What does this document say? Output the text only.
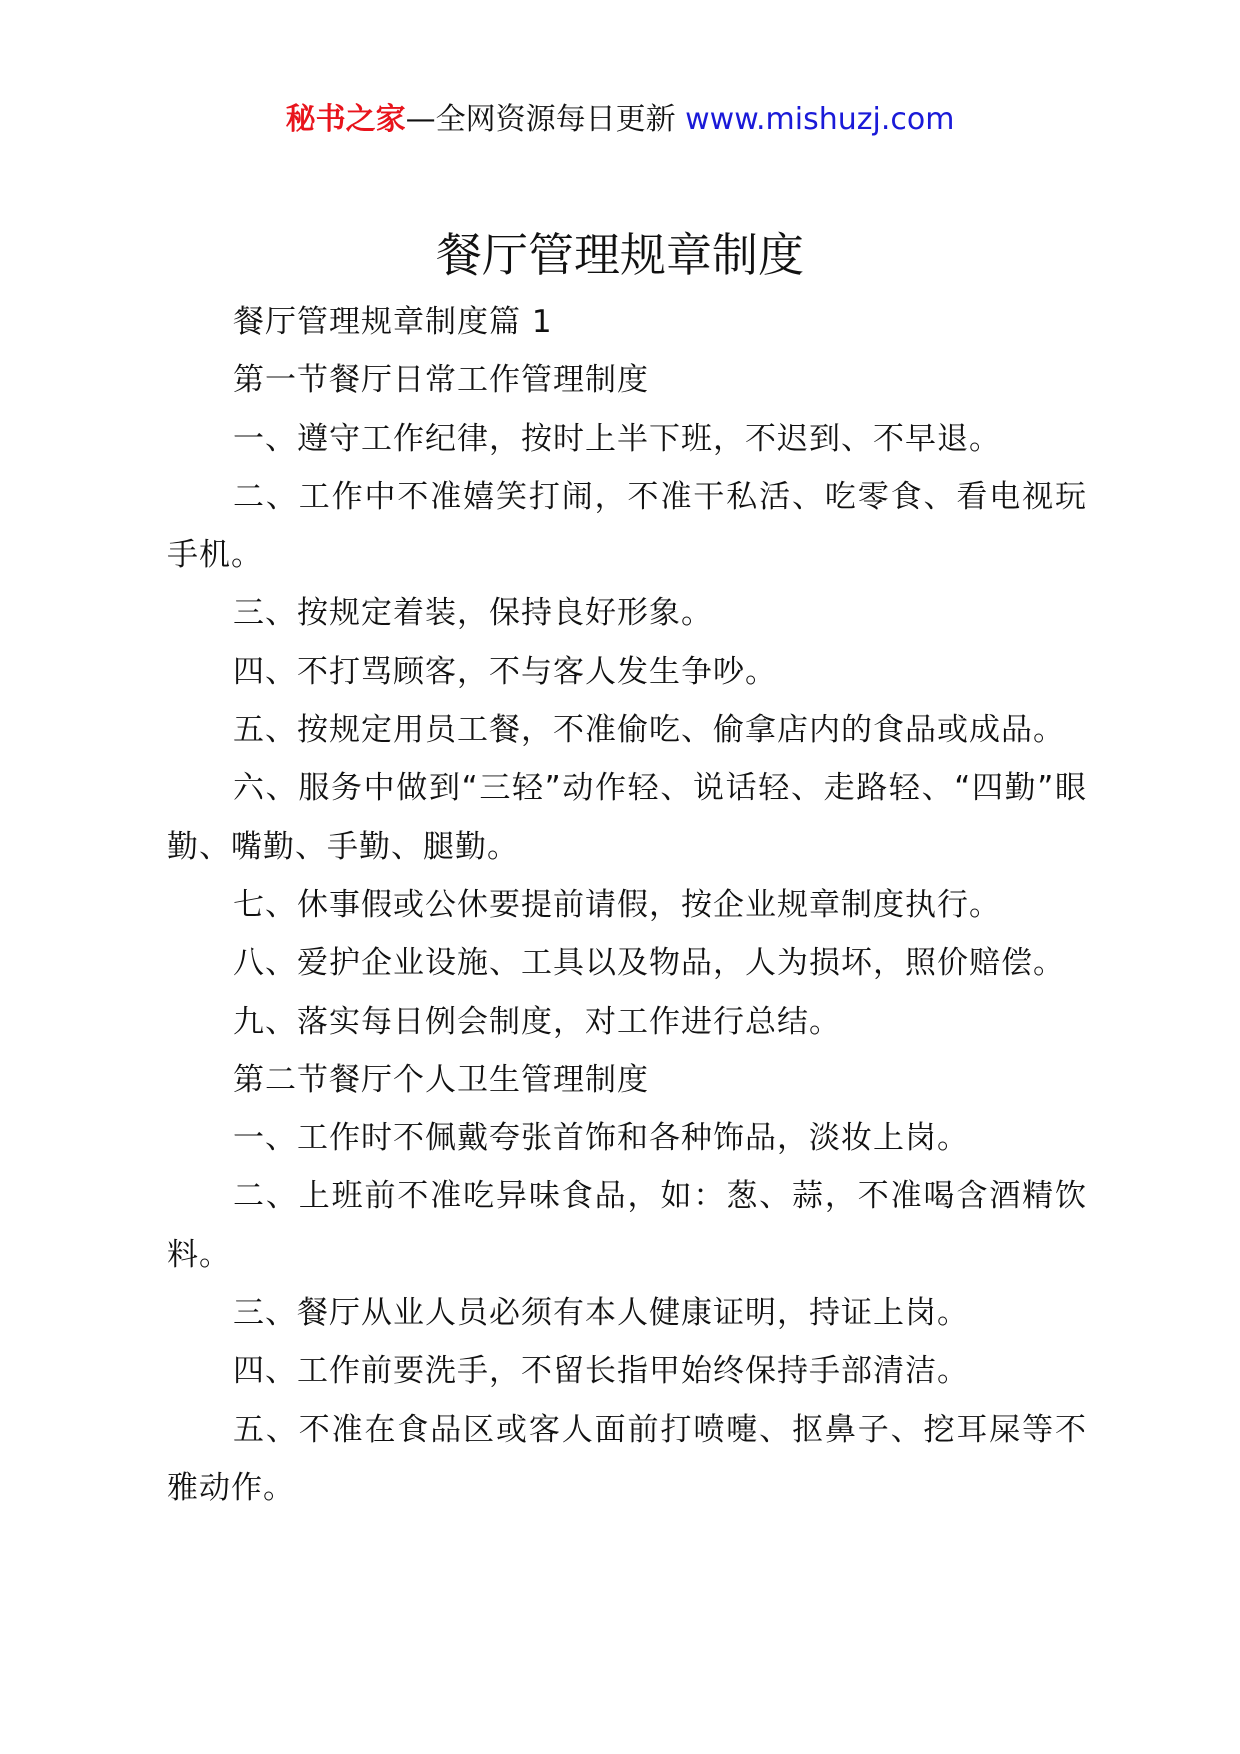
秘书之家—全网资源每日更新 www.mishuzj.com
餐厅管理规章制度

餐厅管理规章制度篇 1

第一节餐厅日常工作管理制度

一、遵守工作纪律，按时上半下班，不迟到、不早退。

二、工作中不准嬉笑打闹，不准干私活、吃零食、看电视玩手机。

三、按规定着装，保持良好形象。

四、不打骂顾客，不与客人发生争吵。

五、按规定用员工餐，不准偷吃、偷拿店内的食品或成品。

六、服务中做到“三轻”动作轻、说话轻、走路轻、“四勤”眼勤、嘴勤、手勤、腿勤。

七、休事假或公休要提前请假，按企业规章制度执行。

八、爱护企业设施、工具以及物品，人为损坏，照价赔偿。

九、落实每日例会制度，对工作进行总结。

第二节餐厅个人卫生管理制度

一、工作时不佩戴夸张首饰和各种饰品，淡妆上岗。

二、上班前不准吃异味食品，如：葱、蒜，不准喝含酒精饮料。

三、餐厅从业人员必须有本人健康证明，持证上岗。

四、工作前要洗手，不留长指甲始终保持手部清洁。

五、不准在食品区或客人面前打喷嚏、抠鼻子、挖耳屎等不雅动作。
